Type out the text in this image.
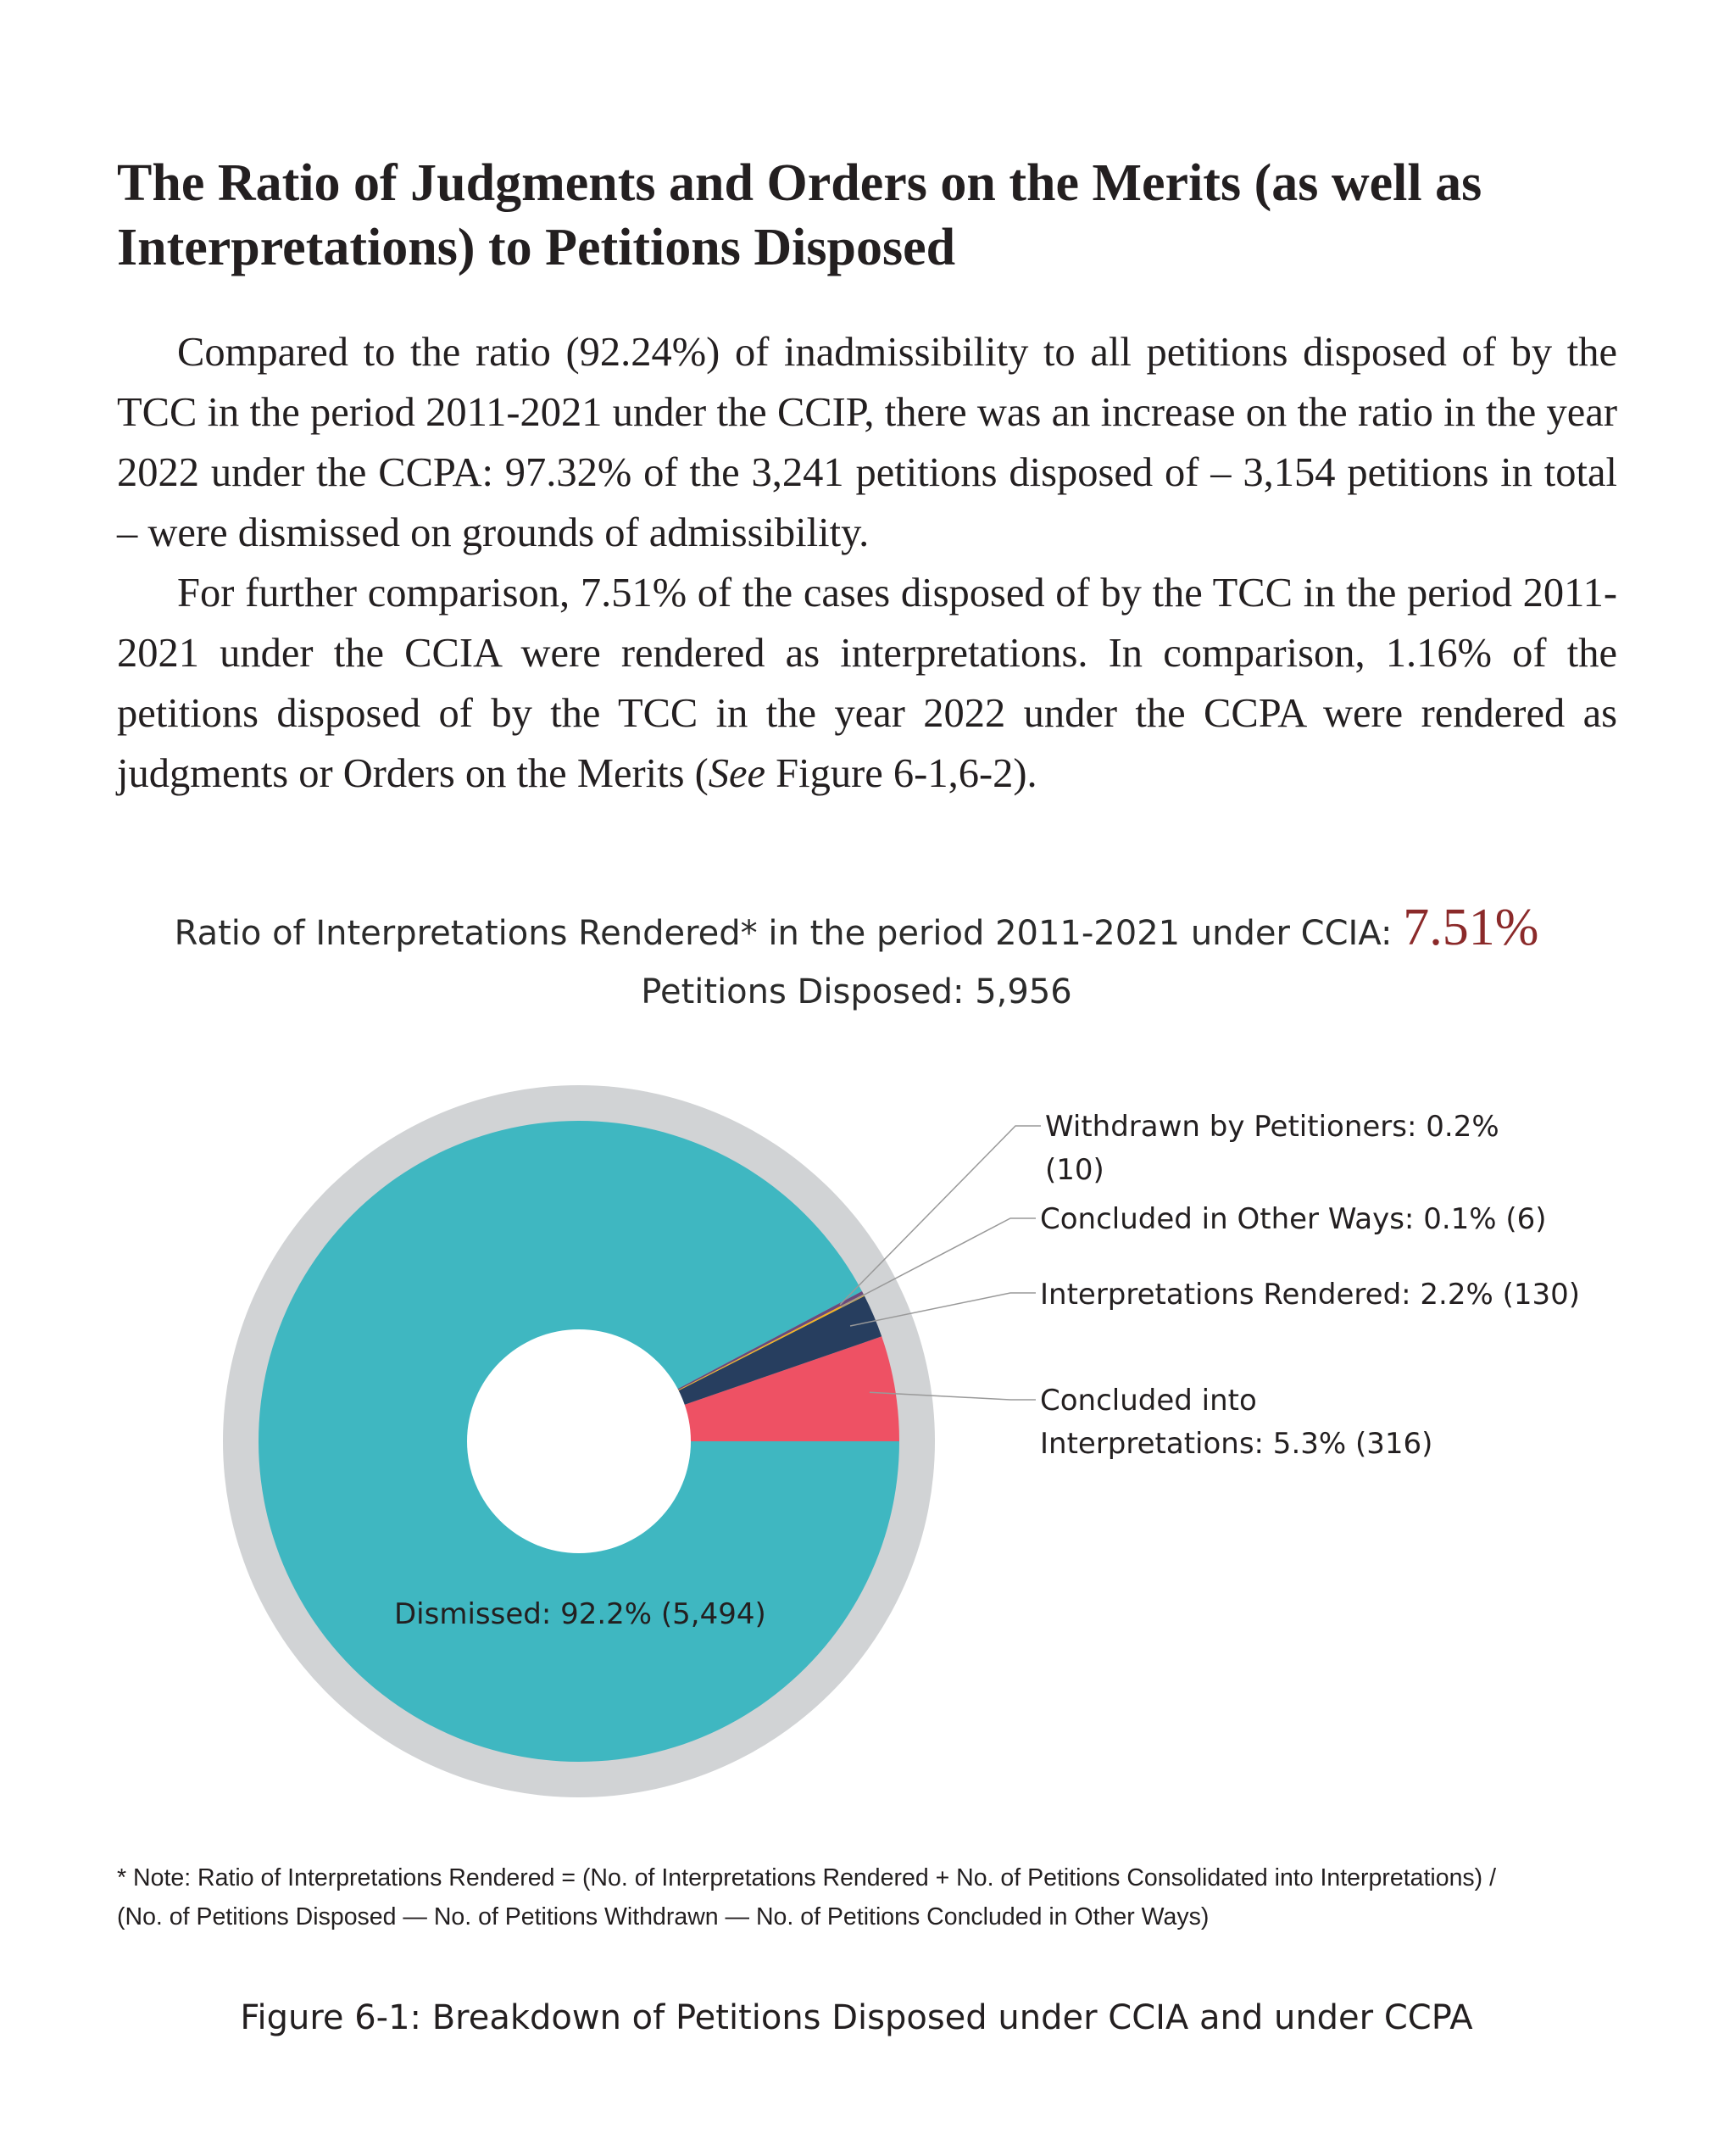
The Ratio of Judgments and Orders on the Merits (as well as Interpretations) to Petitions Disposed

Compared to the ratio (92.24%) of inadmissibility to all petitions disposed of by the TCC in the period 2011-2021 under the CCIP, there was an increase on the ratio in the year 2022 under the CCPA: 97.32% of the 3,241 petitions disposed of – 3,154 petitions in total – were dismissed on grounds of admissibility.

For further comparison, 7.51% of the cases disposed of by the TCC in the period 2011-2021 under the CCIA were rendered as interpretations. In comparison, 1.16% of the petitions disposed of by the TCC in the year 2022 under the CCPA were rendered as judgments or Orders on the Merits (See Figure 6-1,6-2).

Ratio of Interpretations Rendered* in the period 2011-2021 under CCIA: 7.51%

Petitions Disposed: 5,956

Dismissed: 92.2% (5,494)
Concluded into Interpretations: 5.3% (316)
Interpretations Rendered: 2.2% (130)
Concluded in Other Ways: 0.1% (6)
Withdrawn by Petitioners: 0.2% (10)

* Note: Ratio of Interpretations Rendered = (No. of Interpretations Rendered + No. of Petitions Consolidated into Interpretations) /

(No. of Petitions Disposed — No. of Petitions Withdrawn — No. of Petitions Concluded in Other Ways)

Figure 6-1: Breakdown of Petitions Disposed under CCIA and under CCPA
